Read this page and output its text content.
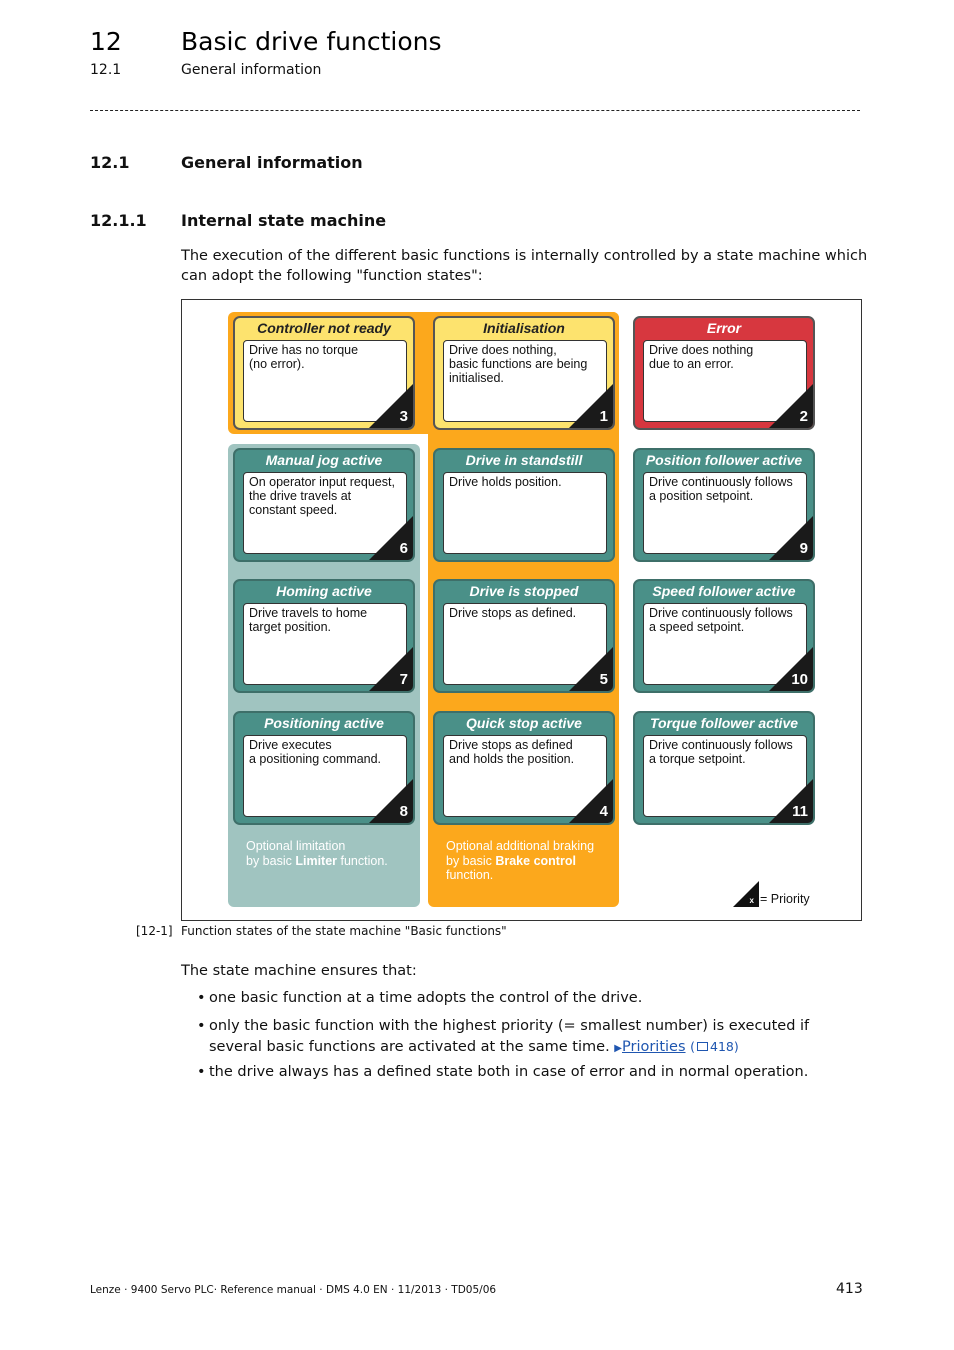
12 Basic drive functions
12.1	General information
12.1	General information
12.1.1 Internal state machine
The execution of the different basic functions is internally controlled by a state machine which can adopt the following "function states":
Controller not ready
Drive has no torque
(no error).
3
Initialisation
Drive does nothing,
basic functions are being
initialised.
1
Error
Drive does nothing
due to an error.
2
Manual jog active
On operator input request,
the drive travels at
constant speed.
6
Drive in standstill
Drive holds position.
Position follower active
Drive continuously follows
a position setpoint.
9
Homing active
Drive travels to home
target position.
7
Drive is stopped
Drive stops as defined.
5
Speed follower active
Drive continuously follows
a speed setpoint.
10
Positioning active
Drive executes
a positioning command.
8
Quick stop active
Drive stops as defined
and holds the position.
4
Torque follower active
Drive continuously follows
a torque setpoint.
11
Optional limitation
by basic Limiter function.
Optional additional braking
by basic Brake control
function.
x = Priority
[12-1] Function states of the state machine "Basic functions"
The state machine ensures that:
• one basic function at a time adopts the control of the drive.
• only the basic function with the highest priority (= smallest number) is executed if several basic functions are activated at the same time. ▶Priorities ( 418)
• the drive always has a defined state both in case of error and in normal operation.
Lenze · 9400 Servo PLC· Reference manual · DMS 4.0 EN · 11/2013 · TD05/06	413
